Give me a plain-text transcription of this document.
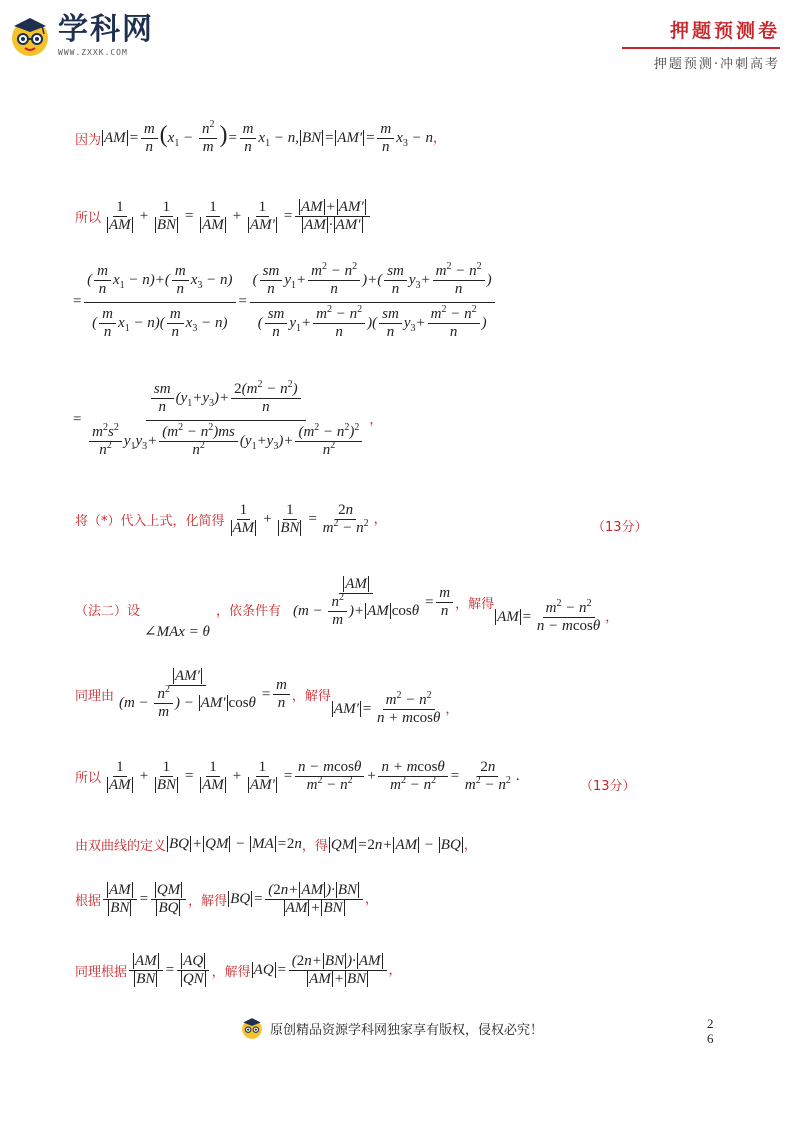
学科网
WWW.ZXXK.COM
押题预测卷
押题预测·冲刺高考
因为 AM = $\frac{m}{n} (x_1 - \frac{n^2}{m}$ )= $\frac{m}{n} x_1 - n$, BN = $AM' = \frac{m}{n} x_3 - n$，
所以 $\frac{1}{AM} + \frac{1}{BN} = \frac{1}{AM} + \frac{1}{AM'} = \frac{AM + AM'}{AM \cdot AM'}$
= $\frac{( \frac{m}{n} x_1 - n)+( \frac{m}{n} x_3 - n)}{( \frac{m}{n} x_1 - n)( \frac{m}{n} x_3 - n)} = \frac{( \frac{sm}{n} y_1+ \frac{m^2 - n^2}{n} )+( \frac{sm}{n} y_3+ \frac{m^2 - n^2}{n} )}{( \frac{sm}{n} y_1+ \frac{m^2 - n^2}{n} )( \frac{sm}{n} y_3+ \frac{m^2 - n^2}{n} )}$
= $\frac{\frac{sm}{n} (y_1+y_3)+ \frac{2(m^2 - n^2)}{n}}{\frac{m^2s^2}{n^2} y_1y_3+ \frac{(m^2 - n^2)ms}{n^2} (y_1+y_3)+ \frac{(m^2 - n^2)^2}{n^2}}$ ，
将（*）代入上式，化简得 $\frac{1}{AM} + \frac{1}{BN} = \frac{2n}{m^2 - n^2}$ ，
（13分）
（法二）设
∠MAx = θ
，依条件有 $\frac{AM}{(m - \frac{n^2}{m} )+ AM \cos\theta} = \frac{m}{n}$ ，解得
AM = $\frac{m^2 - n^2}{n - mcos\theta}$ ，
同理由 $\frac{AM'}{(m - \frac{n^2}{m} ) - AM' \cos\theta} = \frac{m}{n}$ ，解得
$AM' = \frac{m^2 - n^2}{n + mcos\theta}$ ，
所以 $\frac{1}{AM} + \frac{1}{BN} = \frac{1}{AM} + \frac{1}{AM'} = \frac{n - mcos\theta}{m^2 - n^2} + \frac{n + mcos\theta}{m^2 - n^2} = \frac{2n}{m^2 - n^2}$ .
（13分）
由双曲线的定义 BQ + QM − MA =2n ，得 QM =2n+ AM − BQ ，
根据 $\frac{AM}{BN} = \frac{QM}{BQ}$ ，解得 BQ = $\frac{(2n+ AM )\cdot BN}{AM + BN}$ ，
同理根据 $\frac{AM}{BN} = \frac{AQ}{QN}$ ，解得 AQ = $\frac{(2n+ BN )\cdot AM}{AM + BN}$ ，
原创精品资源学科网独家享有版权，侵权必究！	2
6
